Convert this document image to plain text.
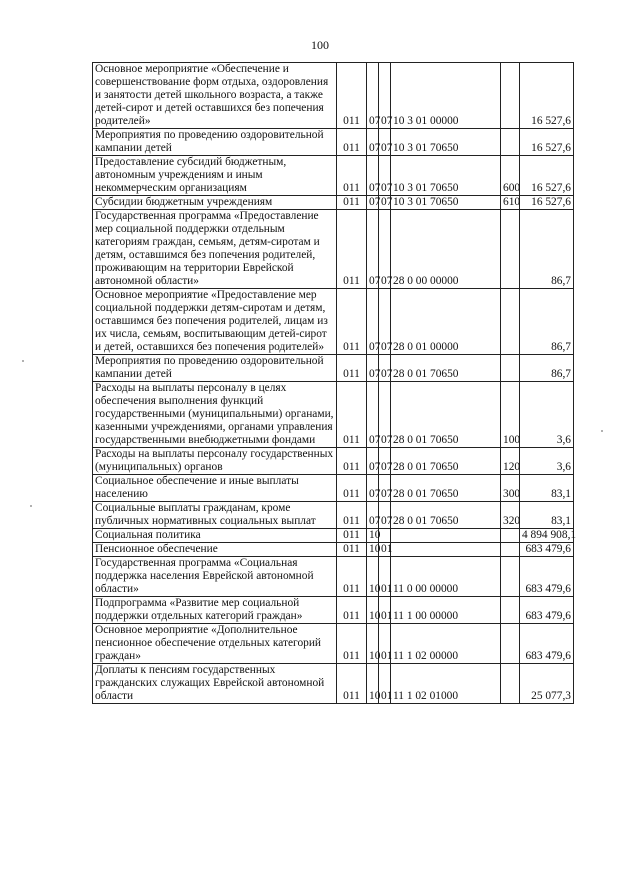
100
Основное мероприятие «Обеспечение и совершенствование форм отдыха, оздоровления и занятости детей школьного возраста, а также детей-сирот и детей оставшихся без попечения родителей»	011	07	07	10 3 01 00000		16 527,6
Мероприятия по проведению оздоровительной кампании детей	011	07	07	10 3 01 70650		16 527,6
Предоставление субсидий бюджетным, автономным учреждениям и иным некоммерческим организациям	011	07	07	10 3 01 70650	600	16 527,6
Субсидии бюджетным учреждениям	011	07	07	10 3 01 70650	610	16 527,6
Государственная программа «Предоставление мер социальной поддержки отдельным категориям граждан, семьям, детям-сиротам и детям, оставшимся без попечения родителей, проживающим на территории Еврейской автономной области»	011	07	07	28 0 00 00000		86,7
Основное мероприятие «Предоставление мер социальной поддержки детям-сиротам и детям, оставшимся без попечения родителей, лицам из их числа, семьям, воспитывающим детей-сирот и детей, оставшихся без попечения родителей»	011	07	07	28 0 01 00000		86,7
Мероприятия по проведению оздоровительной кампании детей	011	07	07	28 0 01 70650		86,7
Расходы на выплаты персоналу в целях обеспечения выполнения функций государственными (муниципальными) органами, казенными учреждениями, органами управления государственными внебюджетными фондами	011	07	07	28 0 01 70650	100	3,6
Расходы на выплаты персоналу государственных (муниципальных) органов	011	07	07	28 0 01 70650	120	3,6
Социальное обеспечение и иные выплаты населению	011	07	07	28 0 01 70650	300	83,1
Социальные выплаты гражданам, кроме публичных нормативных социальных выплат	011	07	07	28 0 01 70650	320	83,1
Социальная политика	011	10				4 894 908,1
Пенсионное обеспечение	011	10	01			683 479,6
Государственная программа «Социальная поддержка населения Еврейской автономной области»	011	10	01	11 0 00 00000		683 479,6
Подпрограмма «Развитие мер социальной поддержки отдельных категорий граждан»	011	10	01	11 1 00 00000		683 479,6
Основное мероприятие «Дополнительное пенсионное обеспечение отдельных категорий граждан»	011	10	01	11 1 02 00000		683 479,6
Доплаты к пенсиям государственных гражданских служащих Еврейской автономной области	011	10	01	11 1 02 01000		25 077,3
